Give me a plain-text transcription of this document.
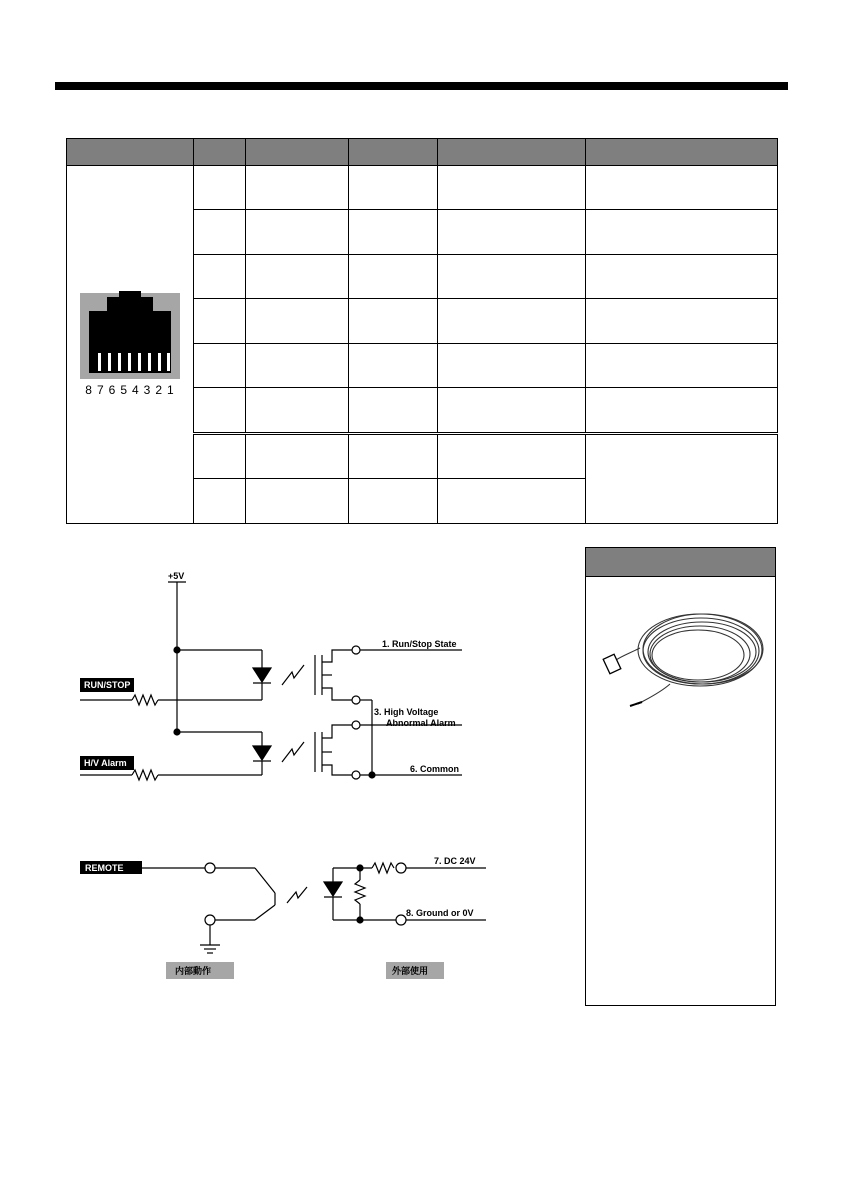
87654321					

RUN/STOP
H/V Alarm
REMOTE
+5V
1. Run/Stop State
3. High Voltage
Abnormal Alarm
6. Common
7. DC 24V
8. Ground or 0V
内部動作	外部使用
